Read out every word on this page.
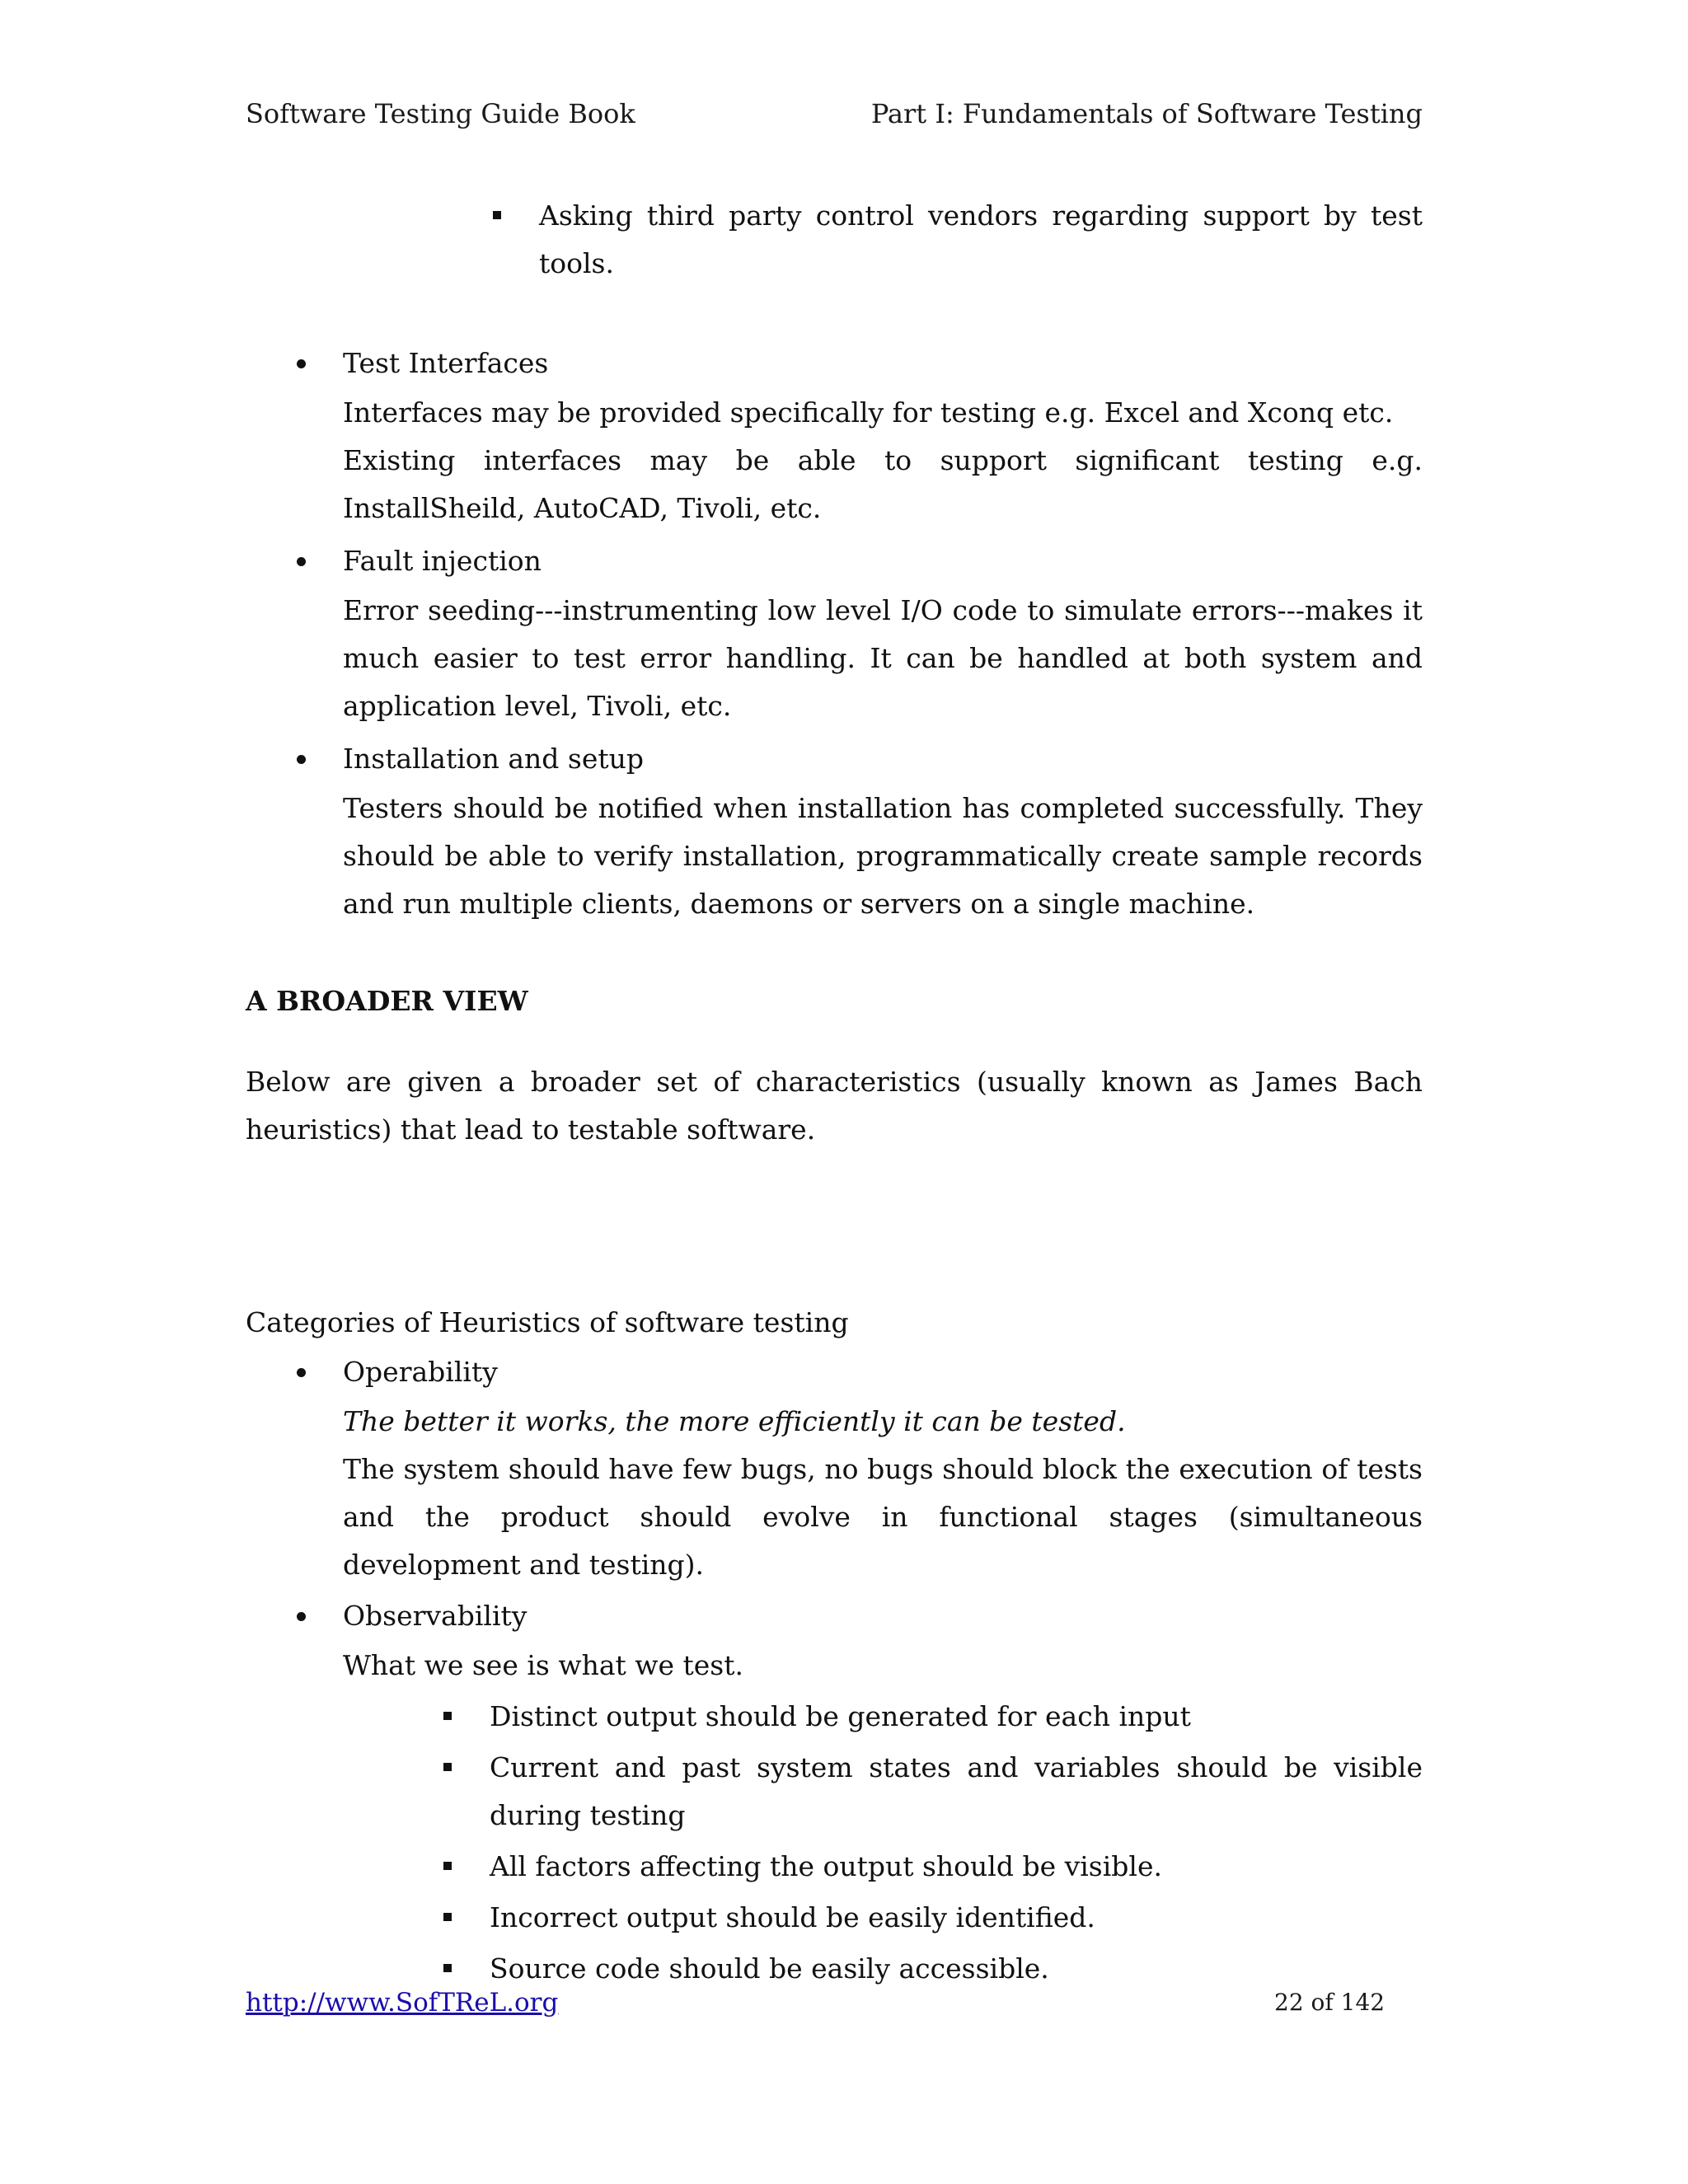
Software Testing Guide Book	Part I: Fundamentals of Software Testing

Asking third party control vendors regarding support by test tools.

Test Interfaces

Interfaces may be provided specifically for testing e.g. Excel and Xconq etc.

Existing interfaces may be able to support significant testing e.g. InstallSheild, AutoCAD, Tivoli, etc.

Fault injection

Error seeding---instrumenting low level I/O code to simulate errors---makes it much easier to test error handling. It can be handled at both system and application level, Tivoli, etc.

Installation and setup

Testers should be notified when installation has completed successfully. They should be able to verify installation, programmatically create sample records and run multiple clients, daemons or servers on a single machine.

A BROADER VIEW

Below are given a broader set of characteristics (usually known as James Bach heuristics) that lead to testable software.

Categories of Heuristics of software testing
Operability
The better it works, the more efficiently it can be tested.

The system should have few bugs, no bugs should block the execution of tests and the product should evolve in functional stages (simultaneous development and testing).

Observability
What we see is what we test.

Distinct output should be generated for each input

Current and past system states and variables should be visible during testing

All factors affecting the output should be visible.

Incorrect output should be easily identified.

Source code should be easily accessible.

http://www.SofTReL.org	22 of 142
